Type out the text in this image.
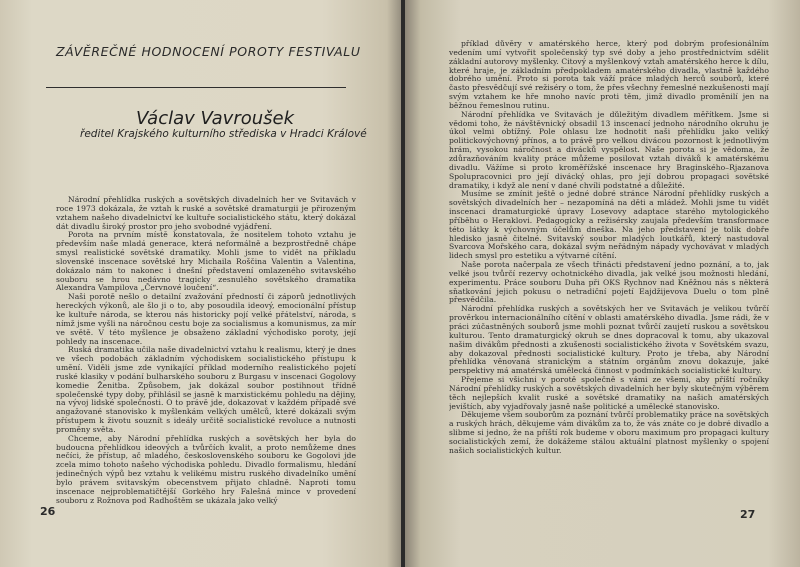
ZÁVĚREČNÉ HODNOCENÍ POROTY FESTIVALU
Václav Vavroušek
ředitel Krajského kulturního střediska v Hradci Králové

Národní přehlídka ruských a sovětských divadelních her ve Svitavách v roce 1973 dokázala, že vztah k ruské a sovětské dramaturgii je přirozeným vztahem našeho divadelnictví ke kultuře socialistického státu, který dokázal dát divadlu široký prostor pro jeho svobodné vyjádření.

Porota na prvním místě konstatovala, že nositelem tohoto vztahu je především naše mladá generace, která neformálně a bezprostředně chápe smysl realistické sovětské dramatiky. Mohli jsme to vidět na příkladu slovenské inscenace sovětské hry Michaila Roščina Valentin a Valentina, dokázalo nám to nakonec i dnešní představení omlazeného svitavského souboru se hrou nedávno tragicky zesnulého sovětského dramatika Alexandra Vampilova „Červnové loučení“.

Naši porotě nešlo o detailní zvažování předností či záporů jednotlivých hereckých výkonů, ale šlo ji o to, aby posoudila ideový, emocionální přístup ke kultuře národa, se kterou nás historicky pojí velké přátelství, národa, s nímž jsme vyšli na náročnou cestu boje za socialismus a komunismus, za mír ve světě. V této myšlence je obsaženo základní východisko poroty, její pohledy na inscenace.

Ruská dramatika učila naše divadelnictví vztahu k realismu, který je dnes ve všech podobách základním východiskem socialistického přístupu k umění. Viděli jsme zde vynikající příklad moderního realistického pojetí ruské klasiky v podání bulharského souboru z Burgasu v inscenaci Gogolovy komedie Ženitba. Způsobem, jak dokázal soubor postihnout třídně společenské typy doby, přihlásil se jasně k marxistickému pohledu na dějiny, na vývoj lidské společnosti. O to právě jde, dokazovat v každém případě své angažované stanovisko k myšlenkám velkých umělců, které dokázali svým přístupem k životu souznít s ideály určitě socialistické revoluce a nutnosti proměny světa.

Chceme, aby Národní přehlídka ruských a sovětských her byla do budoucna přehlídkou ideových a tvůrčích kvalit, a proto nemůžeme dnes nečíci, že přístup, ač mladého, československého souboru ke Gogolovi jde zcela mimo tohoto našeho východiska pohledu. Divadlo formalismu, hledání jedinečných výpů bez vztahu k velikému mistru ruského divadelníko umění bylo právem svitavským obecenstvem přijato chladně. Naproti tomu inscenace nejproblematičtější Gorkého hry Falešná mince v provedení souboru z Rožnova pod Radhoštěm se ukázala jako velký

26

příklad důvěry v amatérského herce, který pod dobrým profesionálním vedením umí vytvořit společenský typ své doby a jeho prostřednictvím sdělit základní autorovy myšlenky. Citový a myšlenkový vztah amatérského herce k dílu, které hraje, je základním předpokladem amatérského divadla, vlastně každého dobrého umění. Proto si porota tak váží práce mladých herců souborů, které často přesvědčují své režiséry o tom, že přes všechny řemeslné nezkušenosti mají svým vztahem ke hře mnoho navíc proti těm, jimž divadlo proměnilí jen na běžnou řemeslnou rutinu.

Národní přehlídka ve Svitavách je důležitým divadlem měřítkem. Jsme si vědomi toho, že návštěvnický obsadil 13 inscenací jednoho národního okruhu je úkol velmi obtížný. Pole ohlasu lze hodnotit naši přehlídku jako veliký politickovýchovný přínos, a to právě pro velkou divácou pozornost k jednotlivým hrám, vysokou náročnost a divácků vyspělost. Naše porota si je vědoma, že zdůrazňováním kvality práce můžeme posilovat vztah diváků k amatérskému divadlu. Vážíme si proto kroměřížské inscenace hry Braginského–Rjazanova Spolupracovnici pro její divácký ohlas, pro její dobrou propagaci sovětské dramatiky, i když ale není v dané chvíli podstatné a důležité.

Musíme se zmínit ještě o jedné dobré stránce Národní přehlídky ruských a sovětských divadelních her – nezapomíná na děti a mládež. Mohli jsme tu vidět inscenaci dramaturgické úpravy Losevovy adaptace starého mytologického příběhu o Heraklovi. Pedagogicky a režisérsky zaujala především transformace této látky k výchovným účelům dneška. Na jeho představení je tolik dobře hledisko jasně čitelné. Svitavský soubor mladých loutkářů, který nastudoval Svarcova Mořského cara, dokázal svým neřádným nápady vychovávat v mladých lidech smysl pro estetiku a výtvarné cítění.

Naše porota načerpala ze všech třinácti představení jedno poznání, a to, jak velké jsou tvůrčí rezervy ochotnického divadla, jak velké jsou možnosti hledání, experimentu. Práce souboru Duha při OKS Rychnov nad Kněžnou nás s některá sňatkování jejich pokusu o netradiční pojetí Eajdžijevova Duelu o tom plně přesvědčila.

Národní přehlídka ruských a sovětských her ve Svitavách je velikou tvůrčí prověrkou internacionálního cítění v oblasti amatérského divadla. Jsme rádi, že v práci zúčastněných souborů jsme mohli poznat tvůrčí zaujetí ruskou a sovětskou kulturou. Tento dramaturgický okruh se dnes dopracoval k tomu, aby ukazoval našim divákům přednosti a zkušenosti socialistického života v Sovětském svazu, aby dokazoval přednosti socialistické kultury. Proto je třeba, aby Národní přehlídka věnovaná stranickým a státním orgánům znovu dokazuje, jaké perspektivy má amatérská umělecká činnost v podmínkách socialistické kultury.

Přejeme si všichni v porotě společně s vámi ze všemi, aby příští ročníky Národní přehlídky ruských a sovětských divadelních her byly skutečným výběrem těch nejlepších kvalit ruské a sovětské dramatiky na našich amatérských jevištích, aby vyjadřovaly jasně naše politické a umělecké stanovisko.

Děkujeme všem souborům za poznání tvůrčí problematiky práce na sovětských a ruských hrách, děkujeme vám divákům za to, že vás znáte co je dobré divadlo a slibme si jedno, že na příští rok budeme v oboru maximum pro propagaci kultury socialistických zemí, že dokážeme stálou aktuální platnost myšlenky o spojení našich socialistických kultur.

27
